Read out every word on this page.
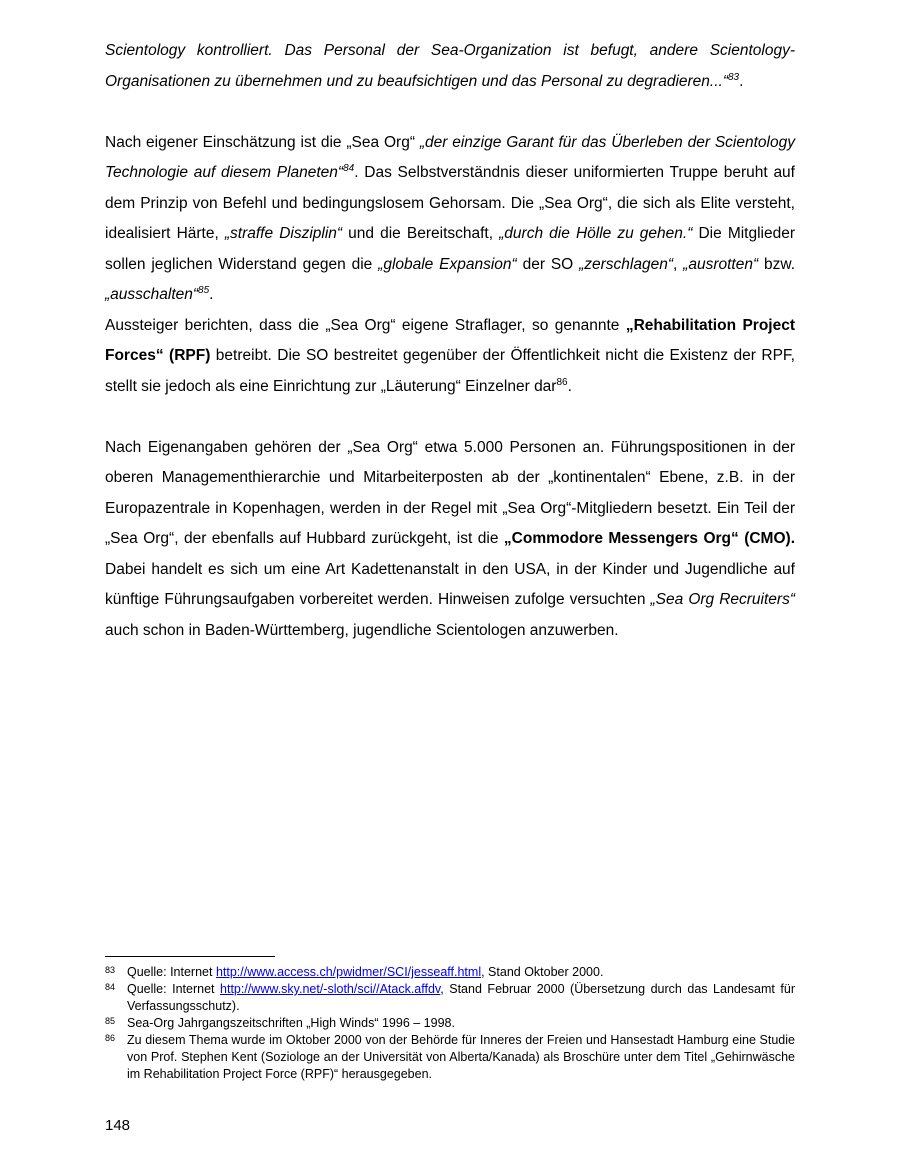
Scientology kontrolliert. Das Personal der Sea-Organization ist befugt, andere Scientology-Organisationen zu übernehmen und zu beaufsichtigen und das Personal zu degradieren...“$^{83}$.

Nach eigener Einschätzung ist die „Sea Org“ „der einzige Garant für das Überleben der Scientology Technologie auf diesem Planeten“$^{84}$. Das Selbstverständnis dieser uniformierten Truppe beruht auf dem Prinzip von Befehl und bedingungslosem Gehorsam. Die „Sea Org“, die sich als Elite versteht, idealisiert Härte, „straffe Disziplin“ und die Bereitschaft, „durch die Hölle zu gehen.“ Die Mitglieder sollen jeglichen Widerstand gegen die „globale Expansion“ der SO „zerschlagen“, „ausrotten“ bzw. „ausschalten“$^{85}$.

Aussteiger berichten, dass die „Sea Org“ eigene Straflager, so genannte „Rehabilitation Project Forces“ (RPF) betreibt. Die SO bestreitet gegenüber der Öffentlichkeit nicht die Existenz der RPF, stellt sie jedoch als eine Einrichtung zur „Läuterung“ Einzelner dar$^{86}$.

Nach Eigenangaben gehören der „Sea Org“ etwa 5.000 Personen an. Führungspositionen in der oberen Managementhierarchie und Mitarbeiterposten ab der „kontinentalen“ Ebene, z.B. in der Europazentrale in Kopenhagen, werden in der Regel mit „Sea Org“-Mitgliedern besetzt. Ein Teil der „Sea Org“, der ebenfalls auf Hubbard zurückgeht, ist die „Commodore Messengers Org“ (CMO). Dabei handelt es sich um eine Art Kadettenanstalt in den USA, in der Kinder und Jugendliche auf künftige Führungsaufgaben vorbereitet werden. Hinweisen zufolge versuchten „Sea Org Recruiters“ auch schon in Baden-Württemberg, jugendliche Scientologen anzuwerben.

83 Quelle: Internet http://www.access.ch/pwidmer/SCI/jesseaff.html, Stand Oktober 2000.
84 Quelle: Internet http://www.sky.net/-sloth/sci//Atack.affdv, Stand Februar 2000 (Übersetzung durch das Landesamt für Verfassungsschutz).
85 Sea-Org Jahrgangszeitschriften „High Winds“ 1996 – 1998.
86 Zu diesem Thema wurde im Oktober 2000 von der Behörde für Inneres der Freien und Hansestadt Hamburg eine Studie von Prof. Stephen Kent (Soziologe an der Universität von Alberta/Kanada) als Broschüre unter dem Titel „Gehirnwäsche im Rehabilitation Project Force (RPF)“ herausgegeben.
148
